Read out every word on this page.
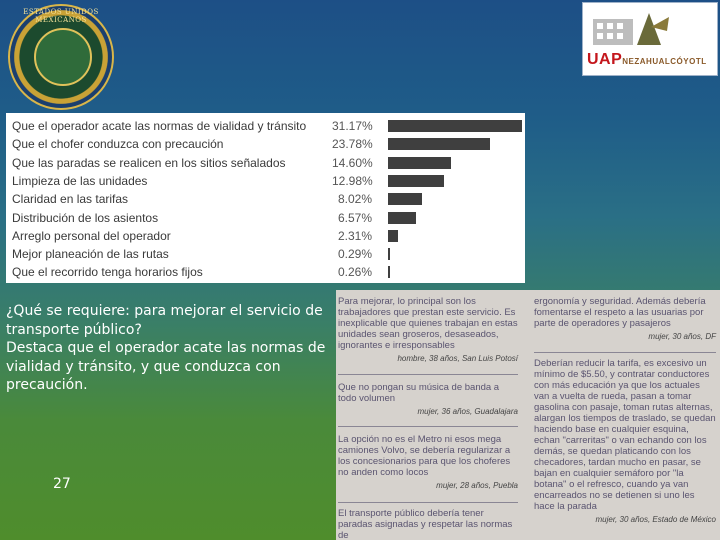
ESTADOS UNIDOS MEXICANOS
UAPNEZAHUALCÓYOTL
Que el operador acate las normas de vialidad y tránsito 31.17%
Que el chofer conduzca con precaución	23.78%
Que las paradas se realicen en los sitios señalados	14.60%
Limpieza de las unidades	12.98%
Claridad en las tarifas	8.02%
Distribución de los asientos	6.57%
Arreglo personal del operador	2.31%
Mejor planeación de las rutas	0.29%
Que el recorrido tenga horarios fijos	0.26%
¿Qué se requiere: para mejorar el servicio de transporte público?
Destaca que el operador acate las normas de vialidad y tránsito, y que conduzca con precaución.
27
Para mejorar, lo principal son los trabajadores que prestan este servicio. Es inexplicable que quienes trabajan en estas unidades sean groseros, desaseados, ignorantes e irresponsables
hombre, 38 años, San Luis Potosí
Que no pongan su música de banda a todo volumen
mujer, 36 años, Guadalajara
La opción no es el Metro ni esos mega camiones Volvo, se debería regularizar a los concesionarios para que los choferes no anden como locos
mujer, 28 años, Puebla
El transporte público debería tener paradas asignadas y respetar las normas de
ergonomía y seguridad. Además debería fomentarse el respeto a las usuarias por parte de operadores y pasajeros
mujer, 30 años, DF
Deberían reducir la tarifa, es excesivo un mínimo de $5.50, y contratar conductores con más educación ya que los actuales van a vuelta de rueda, pasan a tomar gasolina con pasaje, toman rutas alternas, alargan los tiempos de traslado, se quedan haciendo base en cualquier esquina, echan "carreritas" o van echando con los demás, se quedan platicando con los checadores, tardan mucho en pasar, se bajan en cualquier semáforo por "la botana" o el refresco, cuando ya van encarreados no se detienen si uno les hace la parada
mujer, 30 años, Estado de México
